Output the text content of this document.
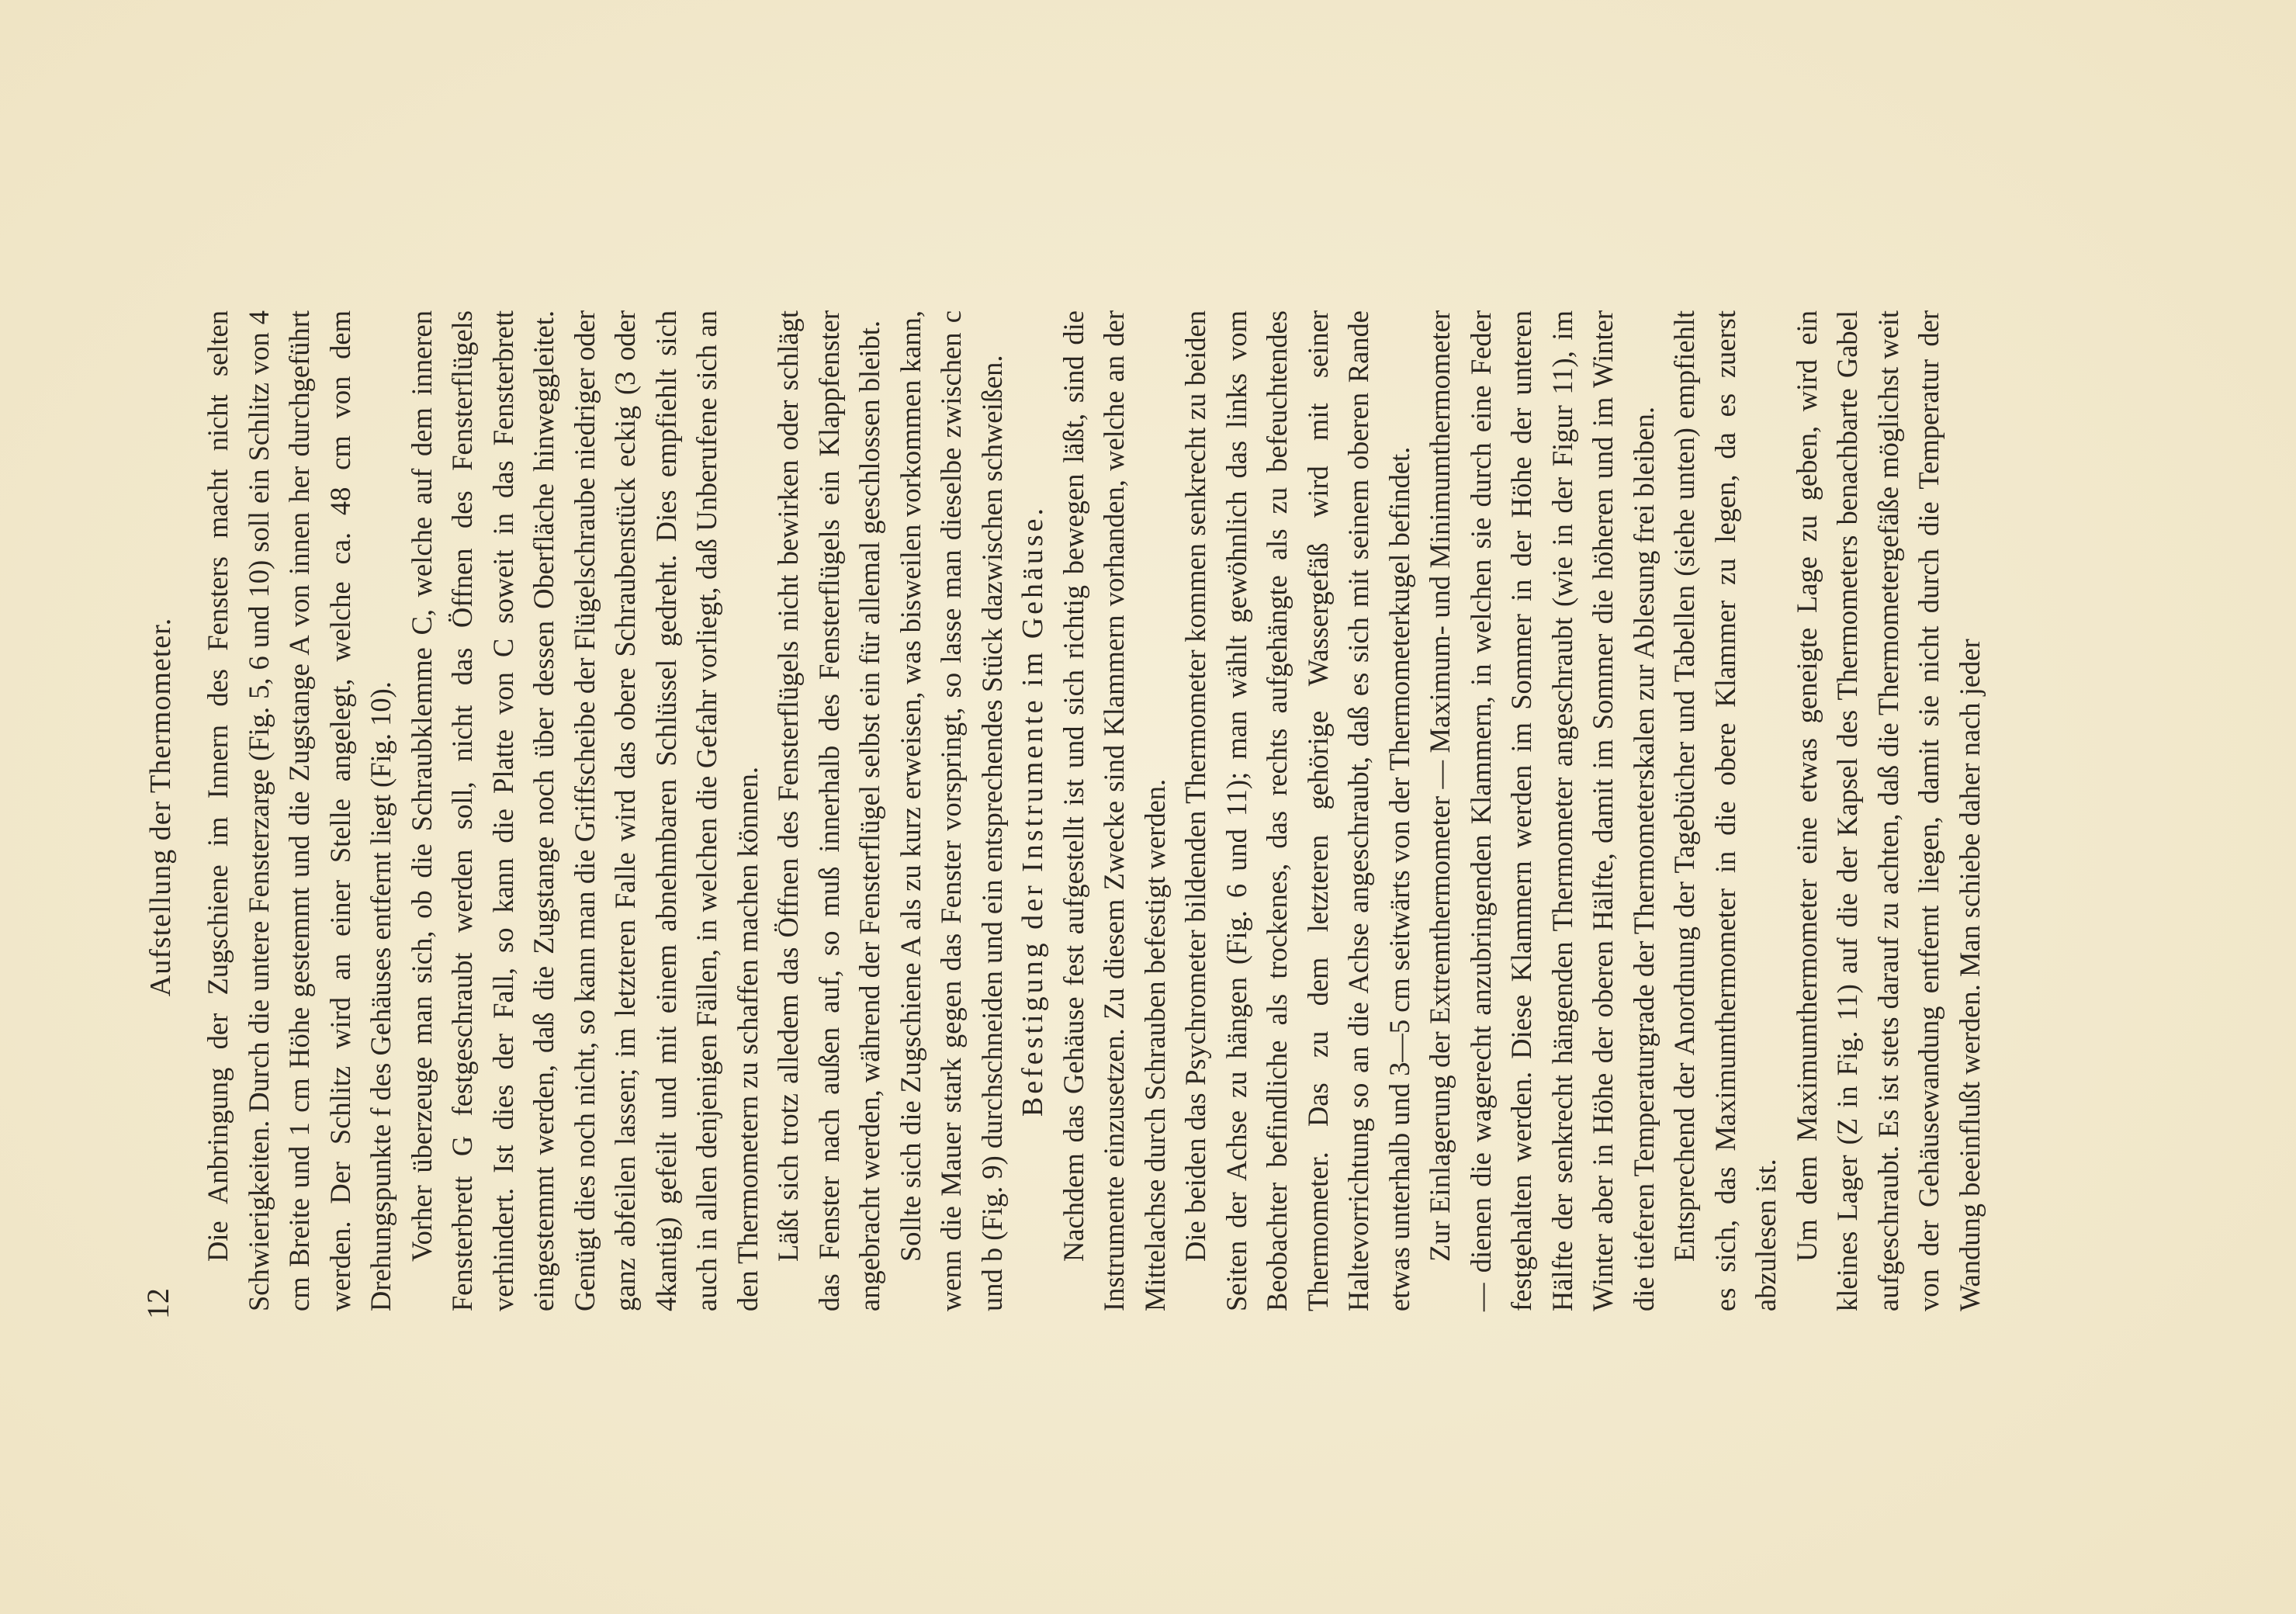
12

Aufstellung der Thermometer. Die Anbringung der Zugschiene im Innern des Fensters macht nicht selten Schwierigkeiten. Durch die untere Fensterzarge (Fig. 5, 6 und 10) soll ein Schlitz von 4 cm Breite und 1 cm Höhe gestemmt und die Zugstange A von innen her durchgeführt werden. Der Schlitz wird an einer Stelle angelegt, welche ca. 48 cm von dem Drehungspunkte f des Gehäuses entfernt liegt (Fig. 10). Vorher überzeuge man sich, ob die Schraubklemme C, welche auf dem inneren Fensterbrett G festgeschraubt werden soll, nicht das Öffnen des Fensterflügels verhindert. Ist dies der Fall, so kann die Platte von C soweit in das Fensterbrett eingestemmt werden, daß die Zugstange noch über dessen Oberfläche hinweggleitet. Genügt dies noch nicht, so kann man die Griffscheibe der Flügelschraube niedriger oder ganz abfeilen lassen; im letzteren Falle wird das obere Schraubenstück eckig (3 oder 4kantig) gefeilt und mit einem abnehmbaren Schlüssel gedreht. Dies empfiehlt sich auch in allen denjenigen Fällen, in welchen die Gefahr vorliegt, daß Unberufene sich an den Thermometern zu schaffen machen können. Läßt sich trotz alledem das Öffnen des Fensterflügels nicht bewirken oder schlägt das Fenster nach außen auf, so muß innerhalb des Fensterflügels ein Klappfenster angebracht werden, während der Fensterflügel selbst ein für allemal geschlossen bleibt. Sollte sich die Zugschiene A als zu kurz erweisen, was bisweilen vorkommen kann, wenn die Mauer stark gegen das Fenster vorspringt, so lasse man dieselbe zwischen c und b (Fig. 9) durchschneiden und ein entsprechendes Stück dazwischen schweißen. Befestigung der Instrumente im Gehäuse. Nachdem das Gehäuse fest aufgestellt ist und sich richtig bewegen läßt, sind die Instrumente einzusetzen. Zu diesem Zwecke sind Klammern vorhanden, welche an der Mittelachse durch Schrauben befestigt werden. Die beiden das Psychrometer bildenden Thermometer kommen senkrecht zu beiden Seiten der Achse zu hängen (Fig. 6 und 11); man wählt gewöhnlich das links vom Beobachter befindliche als trockenes, das rechts aufgehängte als zu befeuchtendes Thermometer. Das zu dem letzteren gehörige Wassergefäß wird mit seiner Haltevorrichtung so an die Achse angeschraubt, daß es sich mit seinem oberen Rande etwas unterhalb und 3—5 cm seitwärts von der Thermometerkugel befindet. Zur Einlagerung der Extremthermometer — Maximum- und Minimumthermometer — dienen die wagerecht anzubringenden Klammern, in welchen sie durch eine Feder festgehalten werden. Diese Klammern werden im Sommer in der Höhe der unteren Hälfte der senkrecht hängenden Thermometer angeschraubt (wie in der Figur 11), im Winter aber in Höhe der oberen Hälfte, damit im Sommer die höheren und im Winter die tieferen Temperaturgrade der Thermometerskalen zur Ablesung frei bleiben. Entsprechend der Anordnung der Tagebücher und Tabellen (siehe unten) empfiehlt es sich, das Maximumthermometer in die obere Klammer zu legen, da es zuerst abzulesen ist. Um dem Maximumthermometer eine etwas geneigte Lage zu geben, wird ein kleines Lager (Z in Fig. 11) auf die der Kapsel des Thermometers benachbarte Gabel aufgeschraubt. Es ist stets darauf zu achten, daß die Thermometergefäße möglichst weit von der Gehäusewandung entfernt liegen, damit sie nicht durch die Temperatur der Wandung beeinflußt werden. Man schiebe daher nach jeder
